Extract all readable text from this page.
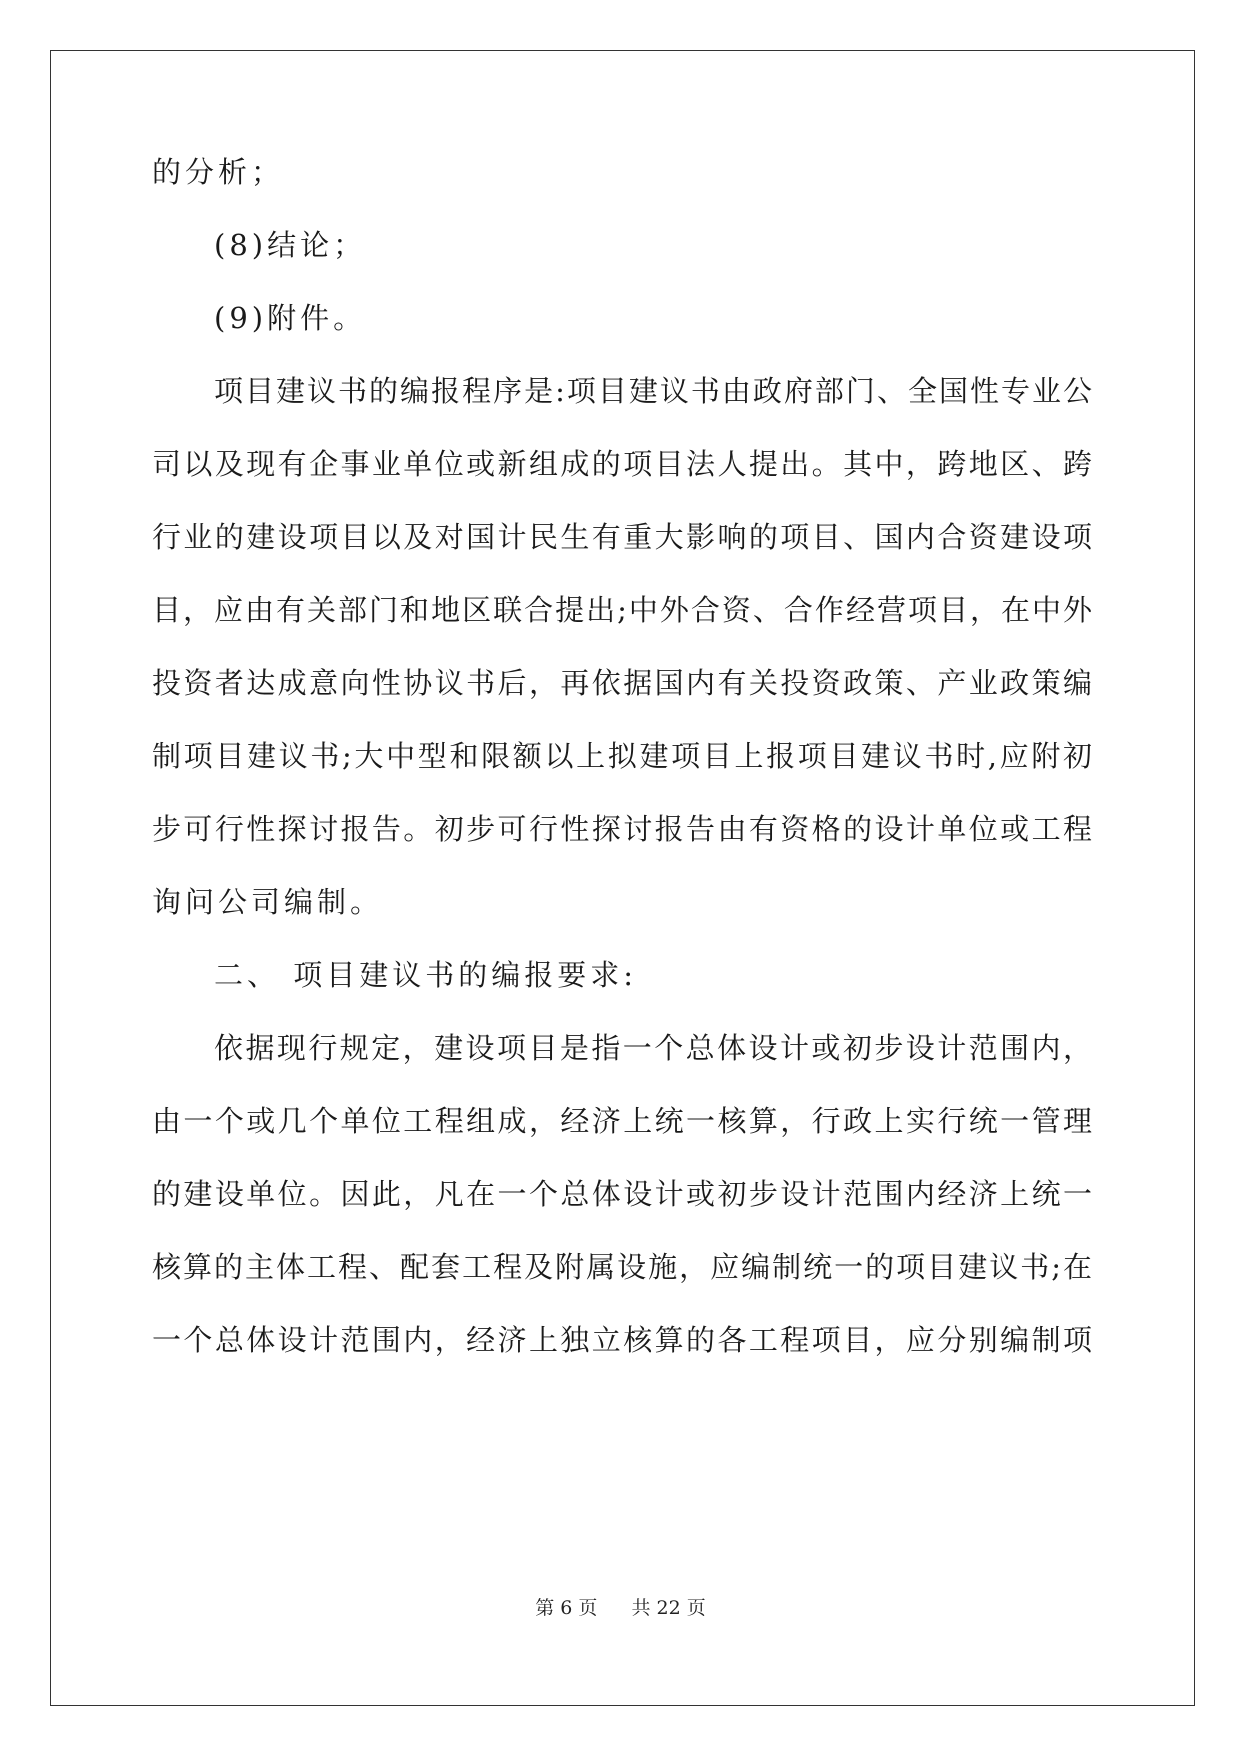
的分析；
(8)结论；
(9)附件。
项目建议书的编报程序是:项目建议书由政府部门、全国性专业公
司以及现有企事业单位或新组成的项目法人提出。其中，跨地区、跨
行业的建设项目以及对国计民生有重大影响的项目、国内合资建设项
目，应由有关部门和地区联合提出;中外合资、合作经营项目，在中外
投资者达成意向性协议书后，再依据国内有关投资政策、产业政策编
制项目建议书;大中型和限额以上拟建项目上报项目建议书时,应附初
步可行性探讨报告。初步可行性探讨报告由有资格的设计单位或工程
询问公司编制。
二、 项目建议书的编报要求:
依据现行规定，建设项目是指一个总体设计或初步设计范围内，
由一个或几个单位工程组成，经济上统一核算，行政上实行统一管理
的建设单位。因此，凡在一个总体设计或初步设计范围内经济上统一
核算的主体工程、配套工程及附属设施，应编制统一的项目建议书;在
一个总体设计范围内，经济上独立核算的各工程项目，应分别编制项
第 6 页 共 22 页
